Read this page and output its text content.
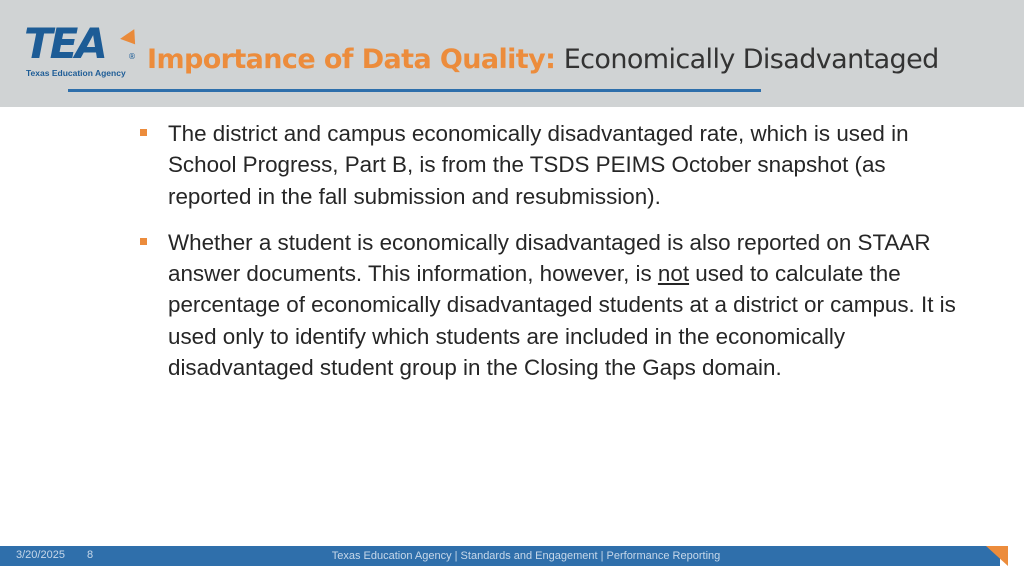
TEA	®
Texas Education Agency Importance of Data Quality: Economically Disadvantaged
The district and campus economically disadvantaged rate, which is used in School Progress, Part B, is from the TSDS PEIMS October snapshot (as reported in the fall submission and resubmission).
Whether a student is economically disadvantaged is also reported on STAAR answer documents. This information, however, is not used to calculate the percentage of economically disadvantaged students at a district or campus. It is used only to identify which students are included in the economically disadvantaged student group in the Closing the Gaps domain.
3/20/2025 8	Texas Education Agency | Standards and Engagement | Performance Reporting
